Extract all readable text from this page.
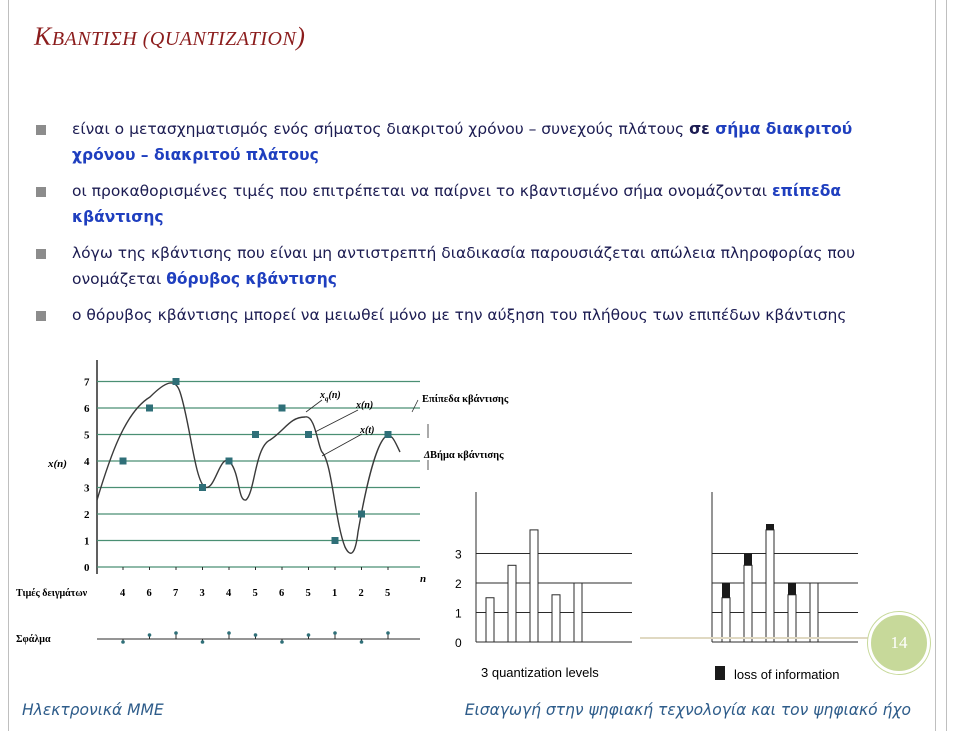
ΚΒΑΝΤΙΣΗ (QUANTIZATION)
είναι ο μετασχηματισμός ενός σήματος διακριτού χρόνου – συνεχούς πλάτους σε σήμα διακριτού χρόνου – διακριτού πλάτους
οι προκαθορισμένες τιμές που επιτρέπεται να παίρνει το κβαντισμένο σήμα ονομάζονται επίπεδα κβάντισης
λόγω της κβάντισης που είναι μη αντιστρεπτή διαδικασία παρουσιάζεται απώλεια πληροφορίας που ονομάζεται θόρυβος κβάντισης
ο θόρυβος κβάντισης μπορεί να μειωθεί μόνο με την αύξηση του πλήθους των επιπέδων κβάντισης
0
1
2
3
4
5
6
7
x(n)
n
$x_q(n)$
x(n)
x(t)
Επίπεδα κβάντισης
Βήμα κβάντισης
Δ
Τιμές δειγμάτων	4 6 7 3 4 5 6 5 1 2 5
Σφάλμα	0
1
2
3
3 quantization levels	loss of information
14
Ηλεκτρονικά ΜΜΕ	Εισαγωγή στην ψηφιακή τεχνολογία και τον ψηφιακό ήχο
